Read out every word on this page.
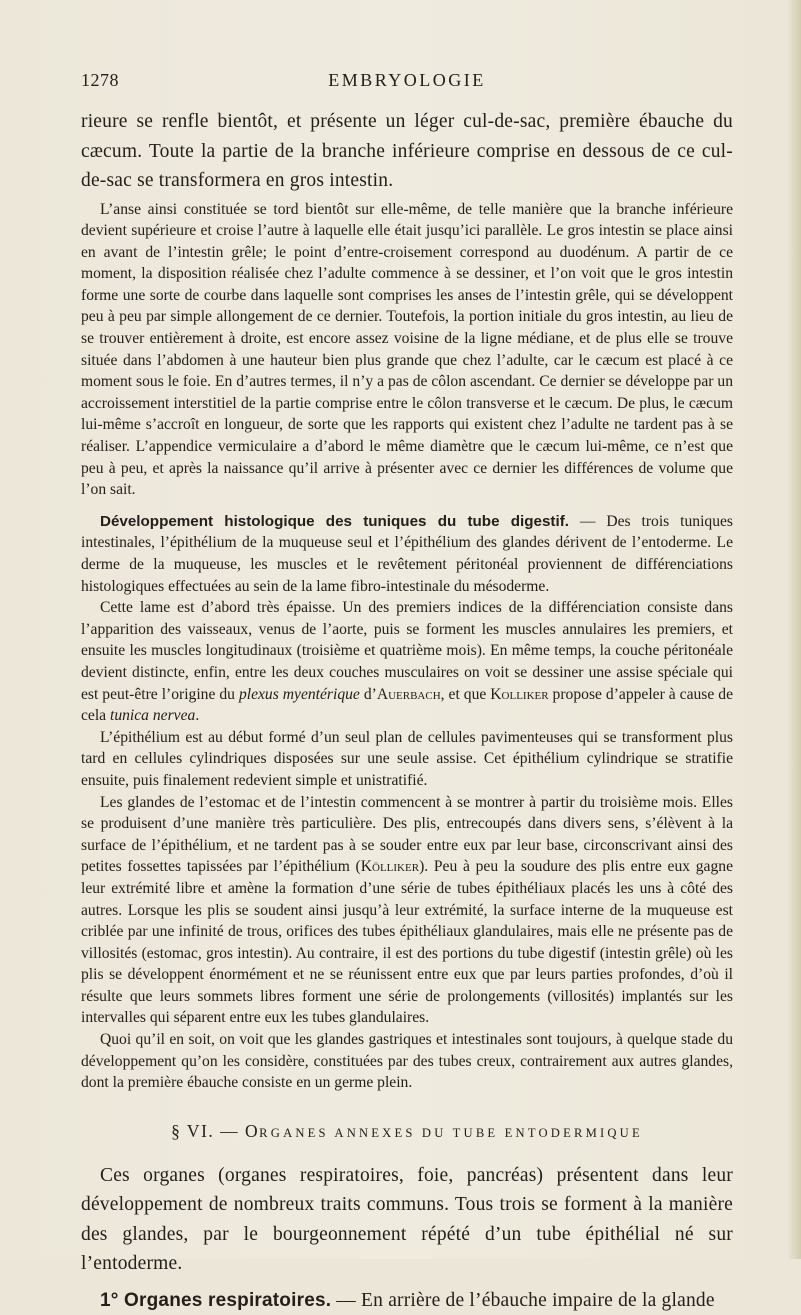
1278	EMBRYOLOGIE

rieure se renfle bientôt, et présente un léger cul-de-sac, première ébauche du cæcum. Toute la partie de la branche inférieure comprise en dessous de ce cul-de-sac se transformera en gros intestin.

L’anse ainsi constituée se tord bientôt sur elle-même, de telle manière que la branche inférieure devient supérieure et croise l’autre à laquelle elle était jusqu’ici parallèle. Le gros intestin se place ainsi en avant de l’intestin grêle; le point d’entre-croisement correspond au duodénum. A partir de ce moment, la disposition réalisée chez l’adulte commence à se dessiner, et l’on voit que le gros intestin forme une sorte de courbe dans laquelle sont comprises les anses de l’intestin grêle, qui se développent peu à peu par simple allongement de ce dernier. Toutefois, la portion initiale du gros intestin, au lieu de se trouver entièrement à droite, est encore assez voisine de la ligne médiane, et de plus elle se trouve située dans l’abdomen à une hauteur bien plus grande que chez l’adulte, car le cæcum est placé à ce moment sous le foie. En d’autres termes, il n’y a pas de côlon ascendant. Ce dernier se développe par un accroissement interstitiel de la partie comprise entre le côlon transverse et le cæcum. De plus, le cæcum lui-même s’accroît en longueur, de sorte que les rapports qui existent chez l’adulte ne tardent pas à se réaliser. L’appendice vermiculaire a d’abord le même diamètre que le cæcum lui-même, ce n’est que peu à peu, et après la naissance qu’il arrive à présenter avec ce dernier les différences de volume que l’on sait.

Développement histologique des tuniques du tube digestif. — Des trois tuniques intestinales, l’épithélium de la muqueuse seul et l’épithélium des glandes dérivent de l’entoderme. Le derme de la muqueuse, les muscles et le revêtement péritonéal proviennent de différenciations histologiques effectuées au sein de la lame fibro-intestinale du mésoderme.

Cette lame est d’abord très épaisse. Un des premiers indices de la différenciation consiste dans l’apparition des vaisseaux, venus de l’aorte, puis se forment les muscles annulaires les premiers, et ensuite les muscles longitudinaux (troisième et quatrième mois). En même temps, la couche péritonéale devient distincte, enfin, entre les deux couches musculaires on voit se dessiner une assise spéciale qui est peut-être l’origine du plexus myentérique d’Auerbach, et que Kolliker propose d’appeler à cause de cela tunica nervea.

L’épithélium est au début formé d’un seul plan de cellules pavimenteuses qui se transforment plus tard en cellules cylindriques disposées sur une seule assise. Cet épithélium cylindrique se stratifie ensuite, puis finalement redevient simple et unistratifié.

Les glandes de l’estomac et de l’intestin commencent à se montrer à partir du troisième mois. Elles se produisent d’une manière très particulière. Des plis, entrecoupés dans divers sens, s’élèvent à la surface de l’épithélium, et ne tardent pas à se souder entre eux par leur base, circonscrivant ainsi des petites fossettes tapissées par l’épithélium (Kölliker). Peu à peu la soudure des plis entre eux gagne leur extrémité libre et amène la formation d’une série de tubes épithéliaux placés les uns à côté des autres. Lorsque les plis se soudent ainsi jusqu’à leur extrémité, la surface interne de la muqueuse est criblée par une infinité de trous, orifices des tubes épithéliaux glandulaires, mais elle ne présente pas de villosités (estomac, gros intestin). Au contraire, il est des portions du tube digestif (intestin grêle) où les plis se développent énormément et ne se réunissent entre eux que par leurs parties profondes, d’où il résulte que leurs sommets libres forment une série de prolongements (villosités) implantés sur les intervalles qui séparent entre eux les tubes glandulaires.

Quoi qu’il en soit, on voit que les glandes gastriques et intestinales sont toujours, à quelque stade du développement qu’on les considère, constituées par des tubes creux, contrairement aux autres glandes, dont la première ébauche consiste en un germe plein.

§ VI. — ORGANES ANNEXES DU TUBE ENTODERMIQUE

Ces organes (organes respiratoires, foie, pancréas) présentent dans leur développement de nombreux traits communs. Tous trois se forment à la manière des glandes, par le bourgeonnement répété d’un tube épithélial né sur l’entoderme.

1° Organes respiratoires. — En arrière de l’ébauche impaire de la glande
